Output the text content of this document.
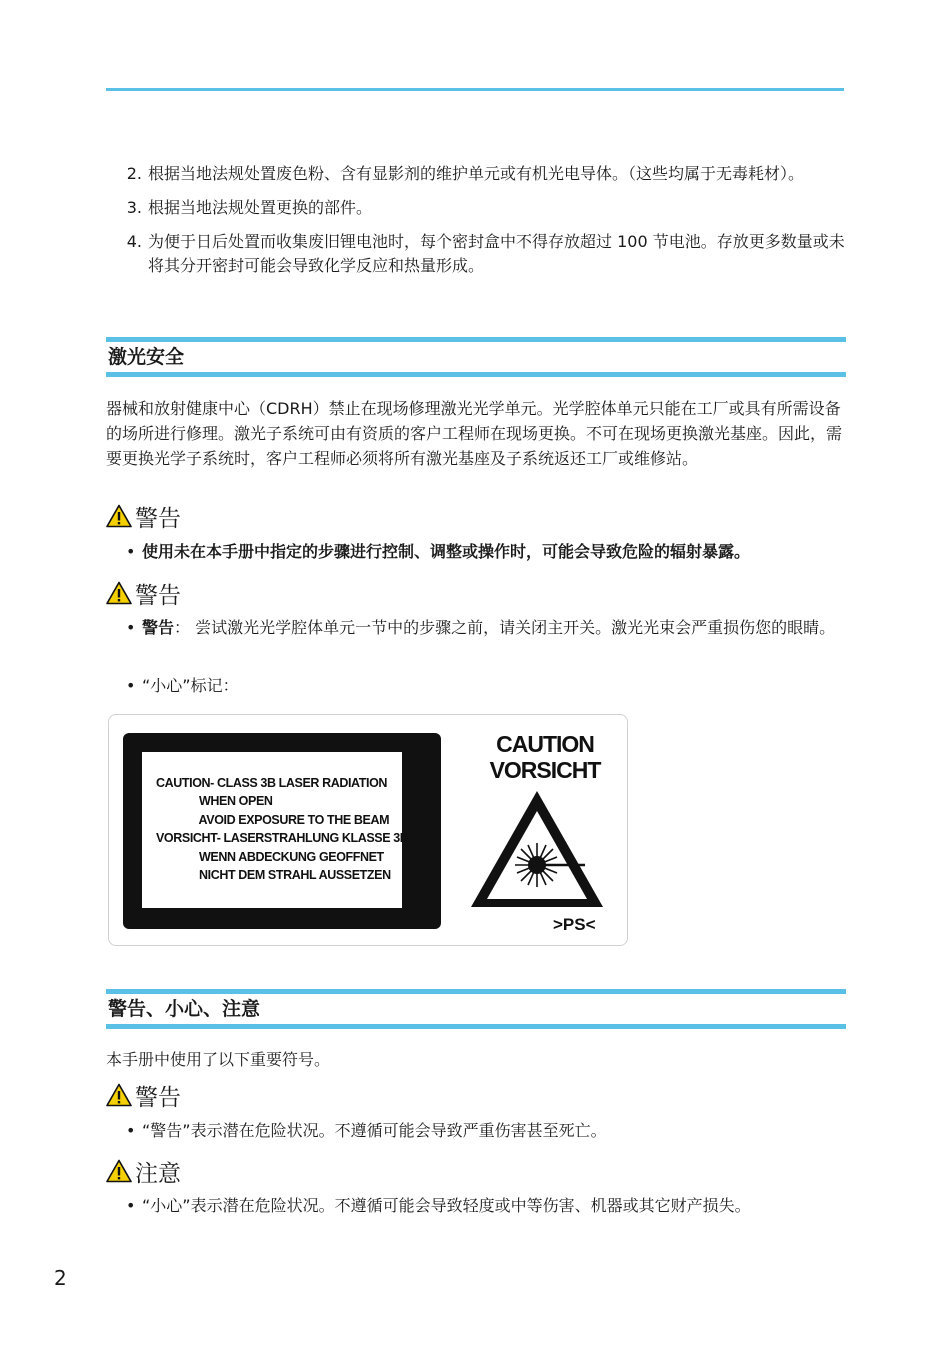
2. 根据当地法规处置废色粉、含有显影剂的维护单元或有机光电导体。（这些均属于无毒耗材）。
3. 根据当地法规处置更换的部件。
4. 为便于日后处置而收集废旧锂电池时，每个密封盒中不得存放超过 100 节电池。存放更多数量或未将其分开密封可能会导致化学反应和热量形成。
激光安全
器械和放射健康中心（CDRH）禁止在现场修理激光光学单元。光学腔体单元只能在工厂或具有所需设备的场所进行修理。激光子系统可由有资质的客户工程师在现场更换。不可在现场更换激光基座。因此，需要更换光学子系统时，客户工程师必须将所有激光基座及子系统返还工厂或维修站。
警告
• 使用未在本手册中指定的步骤进行控制、调整或操作时，可能会导致危险的辐射暴露。
警告
• 警告： 尝试激光光学腔体单元一节中的步骤之前，请关闭主开关。激光光束会严重损伤您的眼睛。
• “小心”标记：
CAUTION- CLASS 3B LASER RADIATION
WHEN OPEN
AVOID EXPOSURE TO THE BEAM
VORSICHT- LASERSTRAHLUNG KLASSE 3B,
WENN ABDECKUNG GEOFFNET
NICHT DEM STRAHL AUSSETZEN
CAUTION
VORSICHT
>PS<
警告、小心、注意
本手册中使用了以下重要符号。
警告
• “警告”表示潜在危险状况。不遵循可能会导致严重伤害甚至死亡。
注意
• “小心”表示潜在危险状况。不遵循可能会导致轻度或中等伤害、机器或其它财产损失。
2
